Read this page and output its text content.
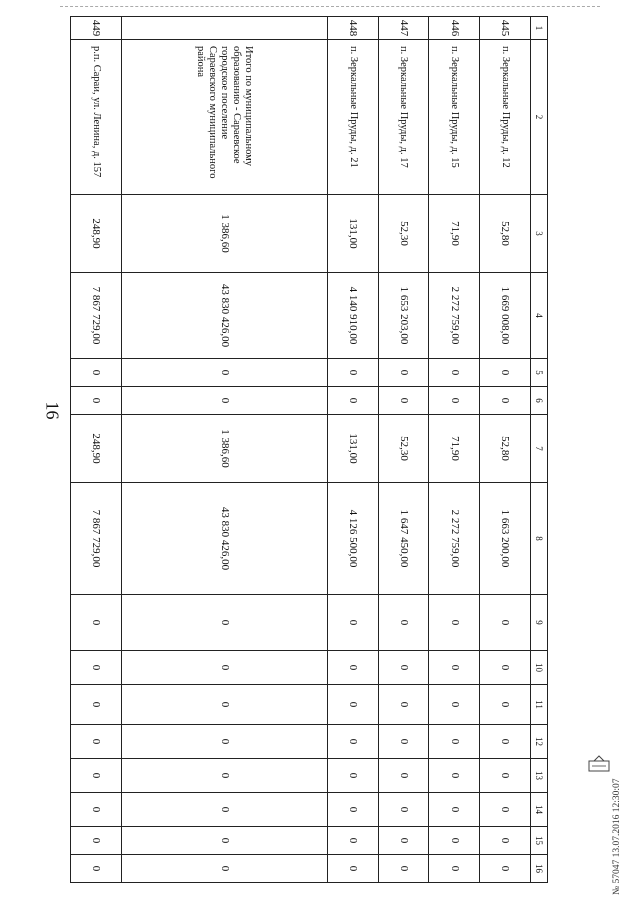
16
1	2	3	4	5	6	7	8	9	10	11	12	13	14	15	16
445	п. Зеркальные Пруды, д. 12	52,80	1 669 008,00	0	0	52,80	1 663 200,00	0	0	0	0	0	0	0	0
446	п. Зеркальные Пруды, д. 15	71,90	2 272 759,00	0	0	71,90	2 272 759,00	0	0	0	0	0	0	0	0
447	п. Зеркальные Пруды, д. 17	52,30	1 653 203,00	0	0	52,30	1 647 450,00	0	0	0	0	0	0	0	0
448	п. Зеркальные Пруды, д. 21	131,00	4 140 910,00	0	0	131,00	4 126 500,00	0	0	0	0	0	0	0	0
	Итого по муниципальному образованию - Сараевское городское поселение Сараевского муниципального района	1 386,60	43 830 426,00	0	0	1 386,60	43 830 426,00	0	0	0	0	0	0	0	0
449	р.п. Сараи, ул. Ленина, д. 157	248,90	7 867 729,00	0	0	248,90	7 867 729,00	0	0	0	0	0	0	0	0	№ 57047 13.07.2016 12:30:07
